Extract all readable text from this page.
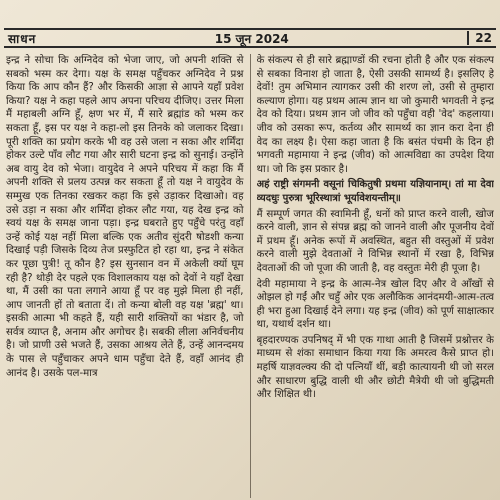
साधन	15 जून 2024	22

इन्द्र ने सोचा कि अग्निदेव को भेजा जाए, जो अपनी शक्ति से सबको भस्म कर देगा। यक्ष के समक्ष पहुँचकर अग्निदेव ने प्रश्न किया कि आप कौन हैं? और किसकी आज्ञा से आपने यहाँ प्रवेश किया? यक्ष ने कहा पहले आप अपना परिचय दीजिए। उत्तर मिला मैं महाबली अग्नि हूँ, क्षण भर में, मैं सारे ब्रह्मांड को भस्म कर सकता हूँ, इस पर यक्ष ने कहा-लो इस तिनके को जलाकर दिखा। पूरी शक्ति का प्रयोग करके भी वह उसे जला न सका और शर्मिंदा होकर उल्टे पाँव लौट गया और सारी घटना इन्द्र को सुनाई। उन्होंने अब वायु देव को भेजा। वायुदेव ने अपने परिचय में कहा कि मैं अपनी शक्ति से प्रलय उत्पन्न कर सकता हूँ तो यक्ष ने वायुदेव के सम्मुख एक तिनका रखकर कहा कि इसे उड़ाकर दिखाओ। वह उसे उड़ा न सका और शर्मिंदा होकर लौट गया, यह देख इन्द्र को स्वयं यक्ष के समक्ष जाना पड़ा। इन्द्र घबराते हुए पहुँचे परंतु वहाँ उन्हें कोई यक्ष नहीं मिला बल्कि एक अतीव सुंदरी षोडशी कन्या दिखाई पड़ी जिसके दिव्य तेज प्रस्फुटित हो रहा था, इन्द्र ने संकेत कर पूछा पुत्री! तू कौन है? इस सुनसान वन में अकेली क्यों घूम रही है? थोड़ी देर पहले एक विशालकाय यक्ष को देवों ने यहाँ देखा था, मैं उसी का पता लगाने आया हूँ पर वह मुझे मिला ही नहीं, आप जानती हों तो बताता दें। तो कन्या बोली वह यक्ष 'ब्रह्म' था। इसकी आत्मा भी कहते हैं, यही सारी शक्तियों का भंडार है, जो सर्वत्र व्याप्त है, अनाम और अगोचर है। सबकी लीला अनिर्वचनीय है। जो प्राणी उसे भजते हैं, उसका आश्रय लेते हैं, उन्हें आनन्दमय के पास ले पहुँचाकर अपने धाम पहुँचा देते हैं, वहाँ आनंद ही आनंद है। उसके पल-मात्र

के संकल्प से ही सारे ब्रह्माण्डों की रचना होती है और एक संकल्प से सबका विनाश हो जाता है, ऐसी उसकी सामर्थ्य है। इसलिए हे देवों! तुम अभिमान त्यागकर उसी की शरण लो, उसी से तुम्हारा कल्याण होगा। यह प्रथम आत्म ज्ञान था जो कुमारी भगवती ने इन्द्र देव को दिया। प्रथम ज्ञान जो जीव को पहुँचा वही 'वेद' कहलाया। जीव को उसका रूप, कर्तव्य और सामर्थ्य का ज्ञान करा देना ही वेद का लक्ष्य है। ऐसा कहा जाता है कि बसंत पंचमी के दिन ही भगवती महामाया ने इन्द्र (जीव) को आत्मविद्या का उपदेश दिया था। जो कि इस प्रकार है।

अहं राष्ट्री संगमनी वसूनां चिकितुषी प्रथमा यज्ञियानाम्। तां मा देवा व्यदधुः पुरुत्रा भूरिस्थात्रां भूर्यावेशयन्तीम्॥

मैं सम्पूर्ण जगत की स्वामिनी हूँ, धनों को प्राप्त करने वाली, खोज करने वाली, ज्ञान से संपन्न ब्रह्म को जानने वाली और पूजनीय देवों में प्रथम हूँ। अनेक रूपों में अवस्थित, बहुत सी वस्तुओं में प्रवेश करने वाली मुझे देवताओं ने विभिन्न स्थानों में रखा है, विभिन्न देवताओं की जो पूजा की जाती है, वह वस्तुतः मेरी ही पूजा है।

देवी महामाया ने इन्द्र के आत्म-नेत्र खोल दिए और वे आँखों से ओझल हो गईं और चहुँ ओर एक अलौकिक आनंदमयी-आत्म-तत्व ही भरा हुआ दिखाई देने लगा। यह इन्द्र (जीव) को पूर्ण साक्षात्कार था, यथार्थ दर्शन था।

बृहदारण्यक उपनिषद् में भी एक गाथा आती है जिसमें प्रश्नोत्तर के माध्यम से शंका समाधान किया गया कि अमरत्व कैसे प्राप्त हो। महर्षि याज्ञवल्क्य की दो पत्नियाँ थीं, बड़ी कात्यायनी थी जो सरल और साधारण बुद्धि वाली थी और छोटी मैत्रेयी थी जो बुद्धिमती और शिक्षित थी।
